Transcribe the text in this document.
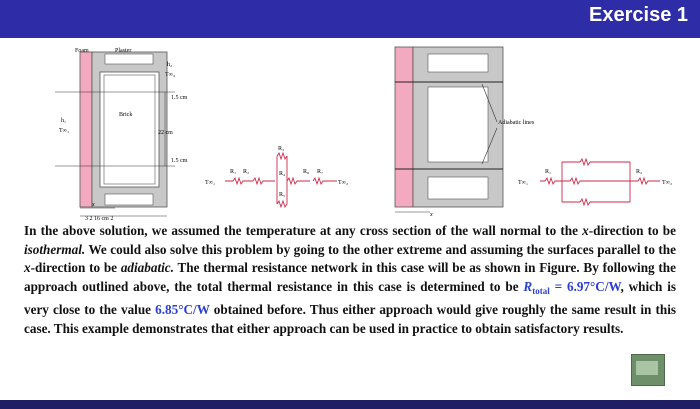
Exercise 1
Foam	Plaster
Brick
h₂
T∞₂
h₁
T∞₁
1.5 cm
22 cm
1.5 cm
3 2 16 cm 2
x
T∞₁	T∞₂
R₁ R₂
R₃
R₄
R₅
R₆ R₇
Adiabatic lines
x
T∞₁	T∞₂
R₁	R₂
In the above solution, we assumed the temperature at any cross section of the wall normal to the x-direction to be isothermal. We could also solve this problem by going to the other extreme and assuming the surfaces parallel to the x-direction to be adiabatic. The thermal resistance network in this case will be as shown in Figure. By following the approach outlined above, the total thermal resistance in this case is determined to be $R_{total} = 6.97^\circ C/W$, which is very close to the value 6.85°C/W obtained before. Thus either approach would give roughly the same result in this case. This example demonstrates that either approach can be used in practice to obtain satisfactory results.
